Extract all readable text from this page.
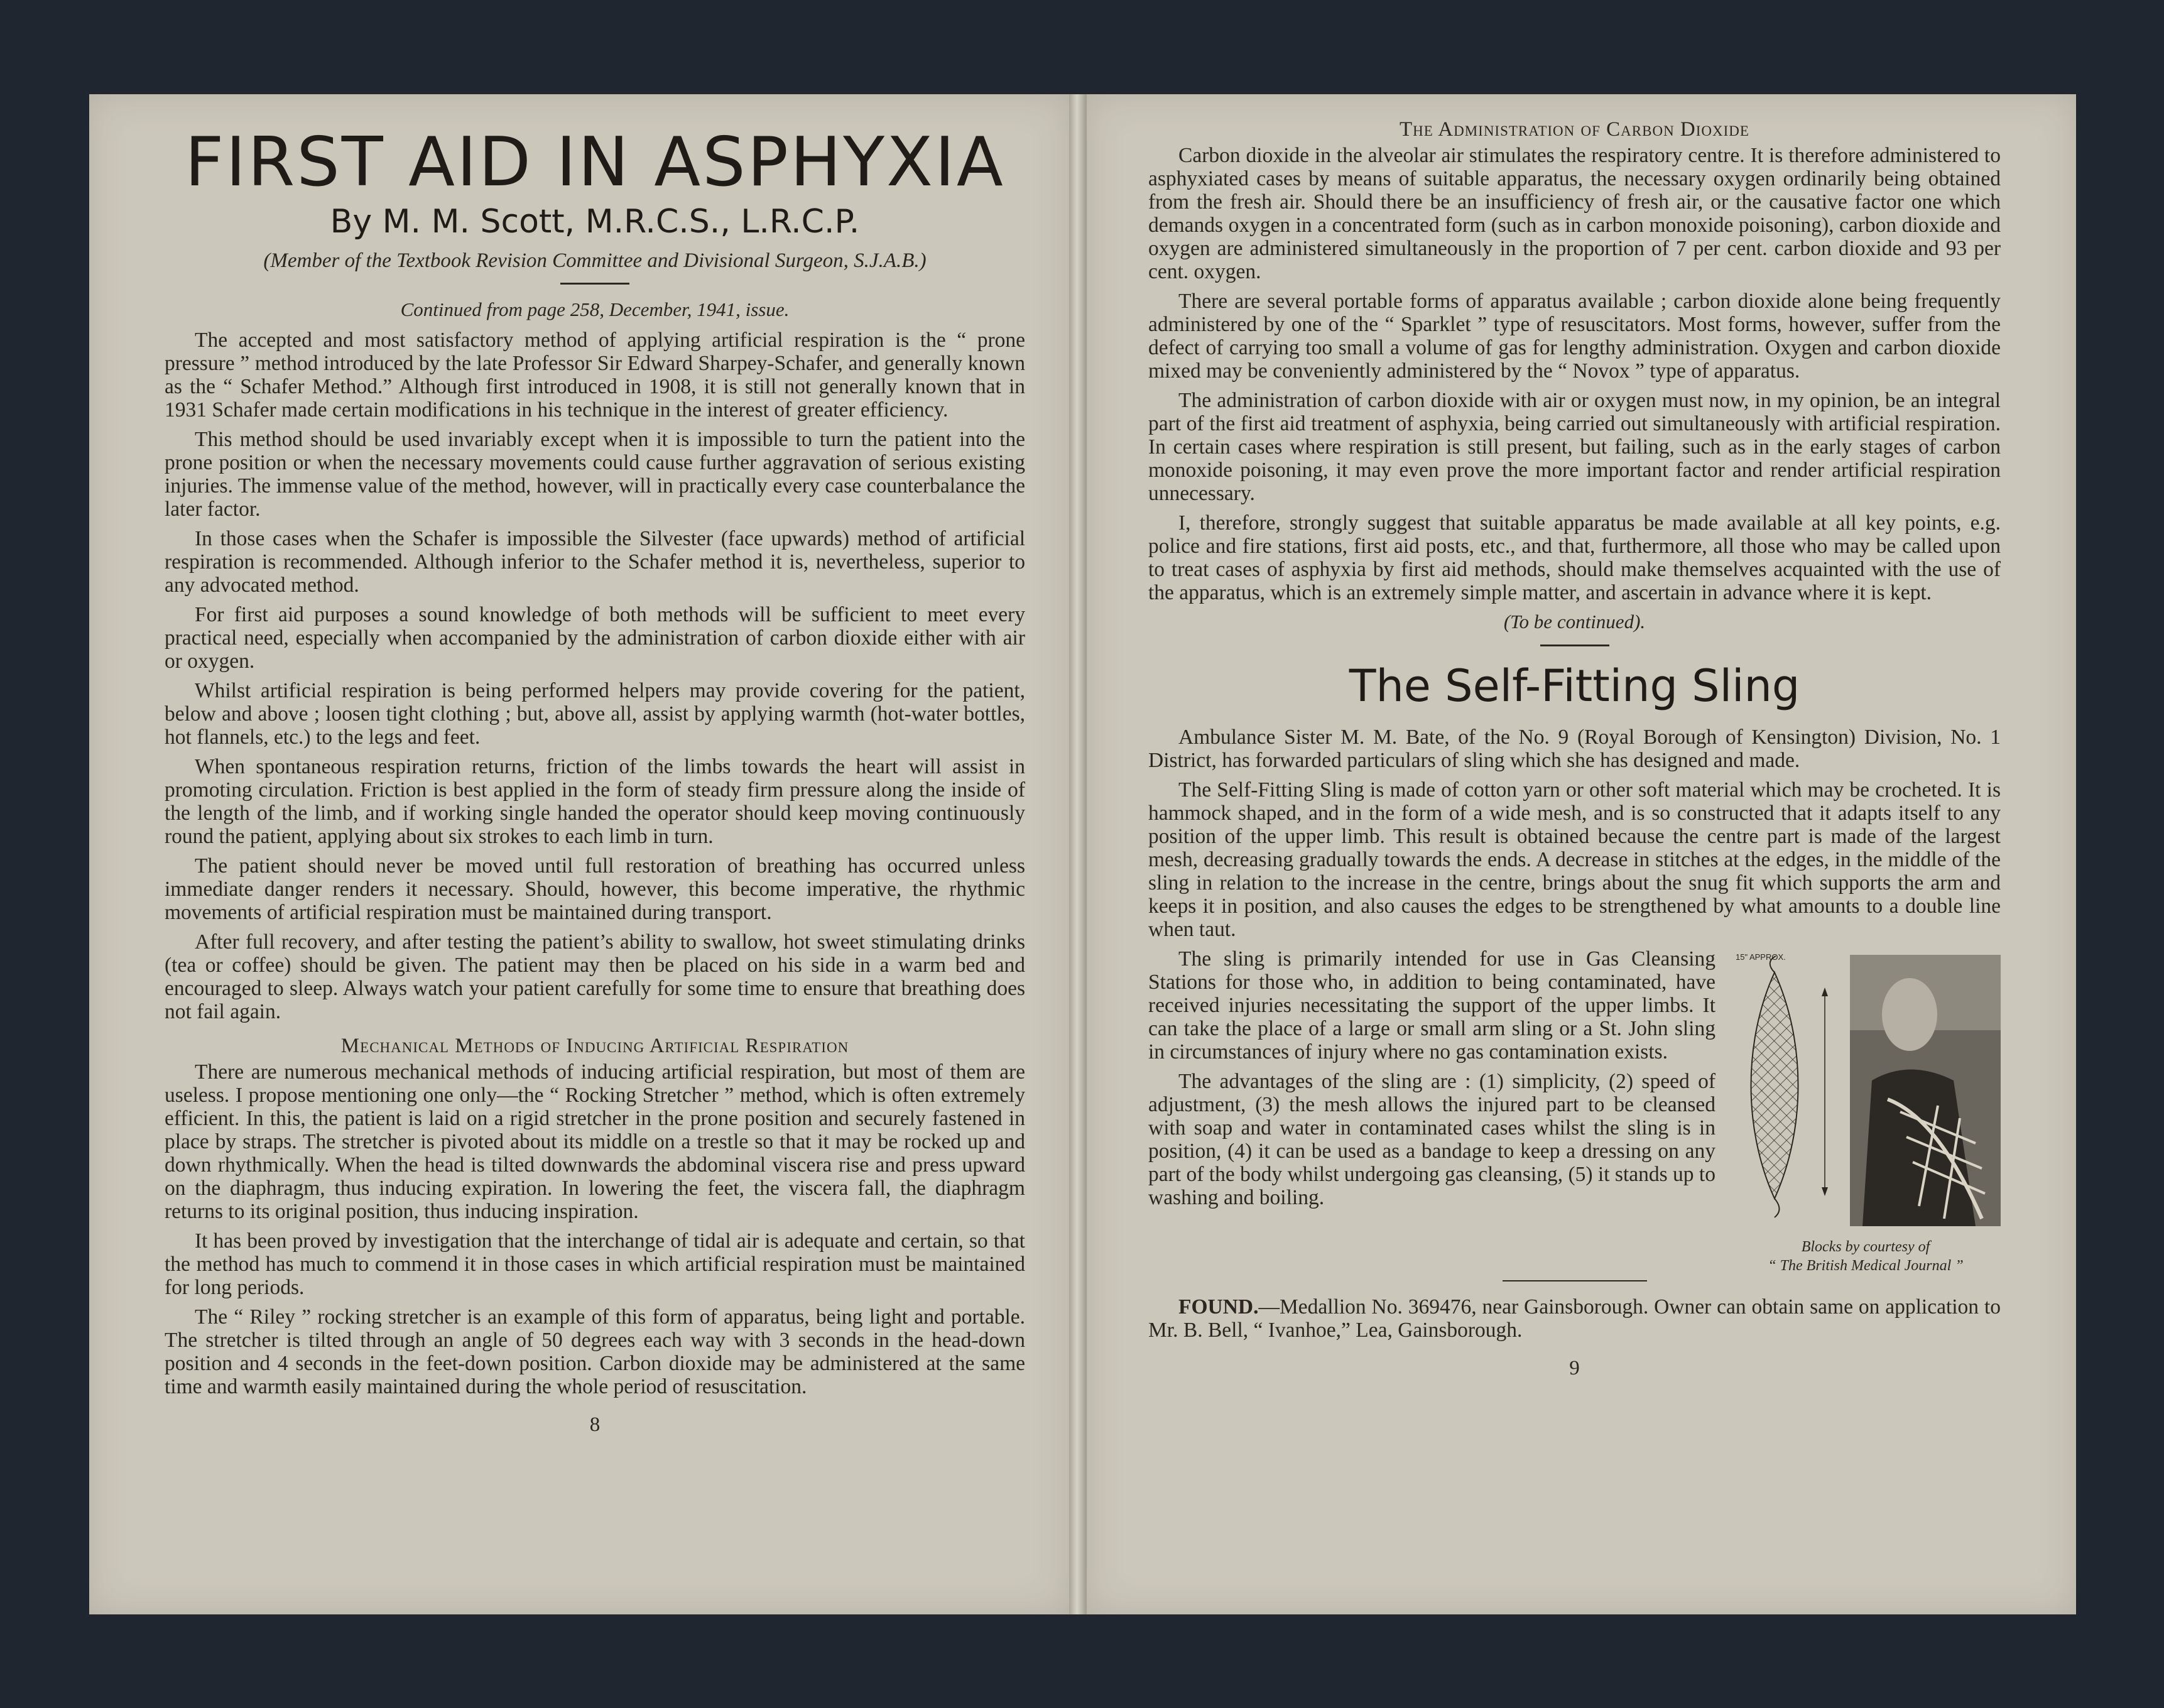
FIRST AID IN ASPHYXIA
By M. M. Scott, M.R.C.S., L.R.C.P.

(Member of the Textbook Revision Committee and Divisional Surgeon, S.J.A.B.)

Continued from page 258, December, 1941, issue.

The accepted and most satisfactory method of applying artificial respiration is the “ prone pressure ” method introduced by the late Professor Sir Edward Sharpey-Schafer, and generally known as the “ Schafer Method.” Although first introduced in 1908, it is still not generally known that in 1931 Schafer made certain modifications in his technique in the interest of greater efficiency.

This method should be used invariably except when it is impossible to turn the patient into the prone position or when the necessary movements could cause further aggravation of serious existing injuries. The immense value of the method, however, will in practically every case counterbalance the later factor.

In those cases when the Schafer is impossible the Silvester (face upwards) method of artificial respiration is recommended. Although inferior to the Schafer method it is, nevertheless, superior to any advocated method.

For first aid purposes a sound knowledge of both methods will be sufficient to meet every practical need, especially when accompanied by the administration of carbon dioxide either with air or oxygen.

Whilst artificial respiration is being performed helpers may provide covering for the patient, below and above ; loosen tight clothing ; but, above all, assist by applying warmth (hot-water bottles, hot flannels, etc.) to the legs and feet.

When spontaneous respiration returns, friction of the limbs towards the heart will assist in promoting circulation. Friction is best applied in the form of steady firm pressure along the inside of the length of the limb, and if working single handed the operator should keep moving continuously round the patient, applying about six strokes to each limb in turn.

The patient should never be moved until full restoration of breathing has occurred unless immediate danger renders it necessary. Should, however, this become imperative, the rhythmic movements of artificial respiration must be maintained during transport.

After full recovery, and after testing the patient’s ability to swallow, hot sweet stimulating drinks (tea or coffee) should be given. The patient may then be placed on his side in a warm bed and encouraged to sleep. Always watch your patient carefully for some time to ensure that breathing does not fail again.

Mechanical Methods of Inducing Artificial Respiration

There are numerous mechanical methods of inducing artificial respiration, but most of them are useless. I propose mentioning one only—the “ Rocking Stretcher ” method, which is often extremely efficient. In this, the patient is laid on a rigid stretcher in the prone position and securely fastened in place by straps. The stretcher is pivoted about its middle on a trestle so that it may be rocked up and down rhythmically. When the head is tilted downwards the abdominal viscera rise and press upward on the diaphragm, thus inducing expiration. In lowering the feet, the viscera fall, the diaphragm returns to its original position, thus inducing inspiration.

It has been proved by investigation that the interchange of tidal air is adequate and certain, so that the method has much to commend it in those cases in which artificial respiration must be maintained for long periods.

The “ Riley ” rocking stretcher is an example of this form of apparatus, being light and portable. The stretcher is tilted through an angle of 50 degrees each way with 3 seconds in the head-down position and 4 seconds in the feet-down position. Carbon dioxide may be administered at the same time and warmth easily maintained during the whole period of resuscitation.

8
The Administration of Carbon Dioxide

Carbon dioxide in the alveolar air stimulates the respiratory centre. It is therefore administered to asphyxiated cases by means of suitable apparatus, the necessary oxygen ordinarily being obtained from the fresh air. Should there be an insufficiency of fresh air, or the causative factor one which demands oxygen in a concentrated form (such as in carbon monoxide poisoning), carbon dioxide and oxygen are administered simultaneously in the proportion of 7 per cent. carbon dioxide and 93 per cent. oxygen.

There are several portable forms of apparatus available ; carbon dioxide alone being frequently administered by one of the “ Sparklet ” type of resuscitators. Most forms, however, suffer from the defect of carrying too small a volume of gas for lengthy administration. Oxygen and carbon dioxide mixed may be conveniently administered by the “ Novox ” type of apparatus.

The administration of carbon dioxide with air or oxygen must now, in my opinion, be an integral part of the first aid treatment of asphyxia, being carried out simultaneously with artificial respiration. In certain cases where respiration is still present, but failing, such as in the early stages of carbon monoxide poisoning, it may even prove the more important factor and render artificial respiration unnecessary.

I, therefore, strongly suggest that suitable apparatus be made available at all key points, e.g. police and fire stations, first aid posts, etc., and that, furthermore, all those who may be called upon to treat cases of asphyxia by first aid methods, should make themselves acquainted with the use of the apparatus, which is an extremely simple matter, and ascertain in advance where it is kept.

(To be continued).

The Self-Fitting Sling

Ambulance Sister M. M. Bate, of the No. 9 (Royal Borough of Kensington) Division, No. 1 District, has forwarded particulars of sling which she has designed and made.

The Self-Fitting Sling is made of cotton yarn or other soft material which may be crocheted. It is hammock shaped, and in the form of a wide mesh, and is so constructed that it adapts itself to any position of the upper limb. This result is obtained because the centre part is made of the largest mesh, decreasing gradually towards the ends. A decrease in stitches at the edges, in the middle of the sling in relation to the increase in the centre, brings about the snug fit which supports the arm and keeps it in position, and also causes the edges to be strengthened by what amounts to a double line when taut.

15" APPROX.
Blocks by courtesy of
“ The British Medical Journal ”

The sling is primarily intended for use in Gas Cleansing Stations for those who, in addition to being contaminated, have received injuries necessitating the support of the upper limbs. It can take the place of a large or small arm sling or a St. John sling in circumstances of injury where no gas contamination exists.

The advantages of the sling are : (1) simplicity, (2) speed of adjustment, (3) the mesh allows the injured part to be cleansed with soap and water in contaminated cases whilst the sling is in position, (4) it can be used as a bandage to keep a dressing on any part of the body whilst undergoing gas cleansing, (5) it stands up to washing and boiling.

FOUND.—Medallion No. 369476, near Gainsborough. Owner can obtain same on application to Mr. B. Bell, “ Ivanhoe,” Lea, Gainsborough.

9
